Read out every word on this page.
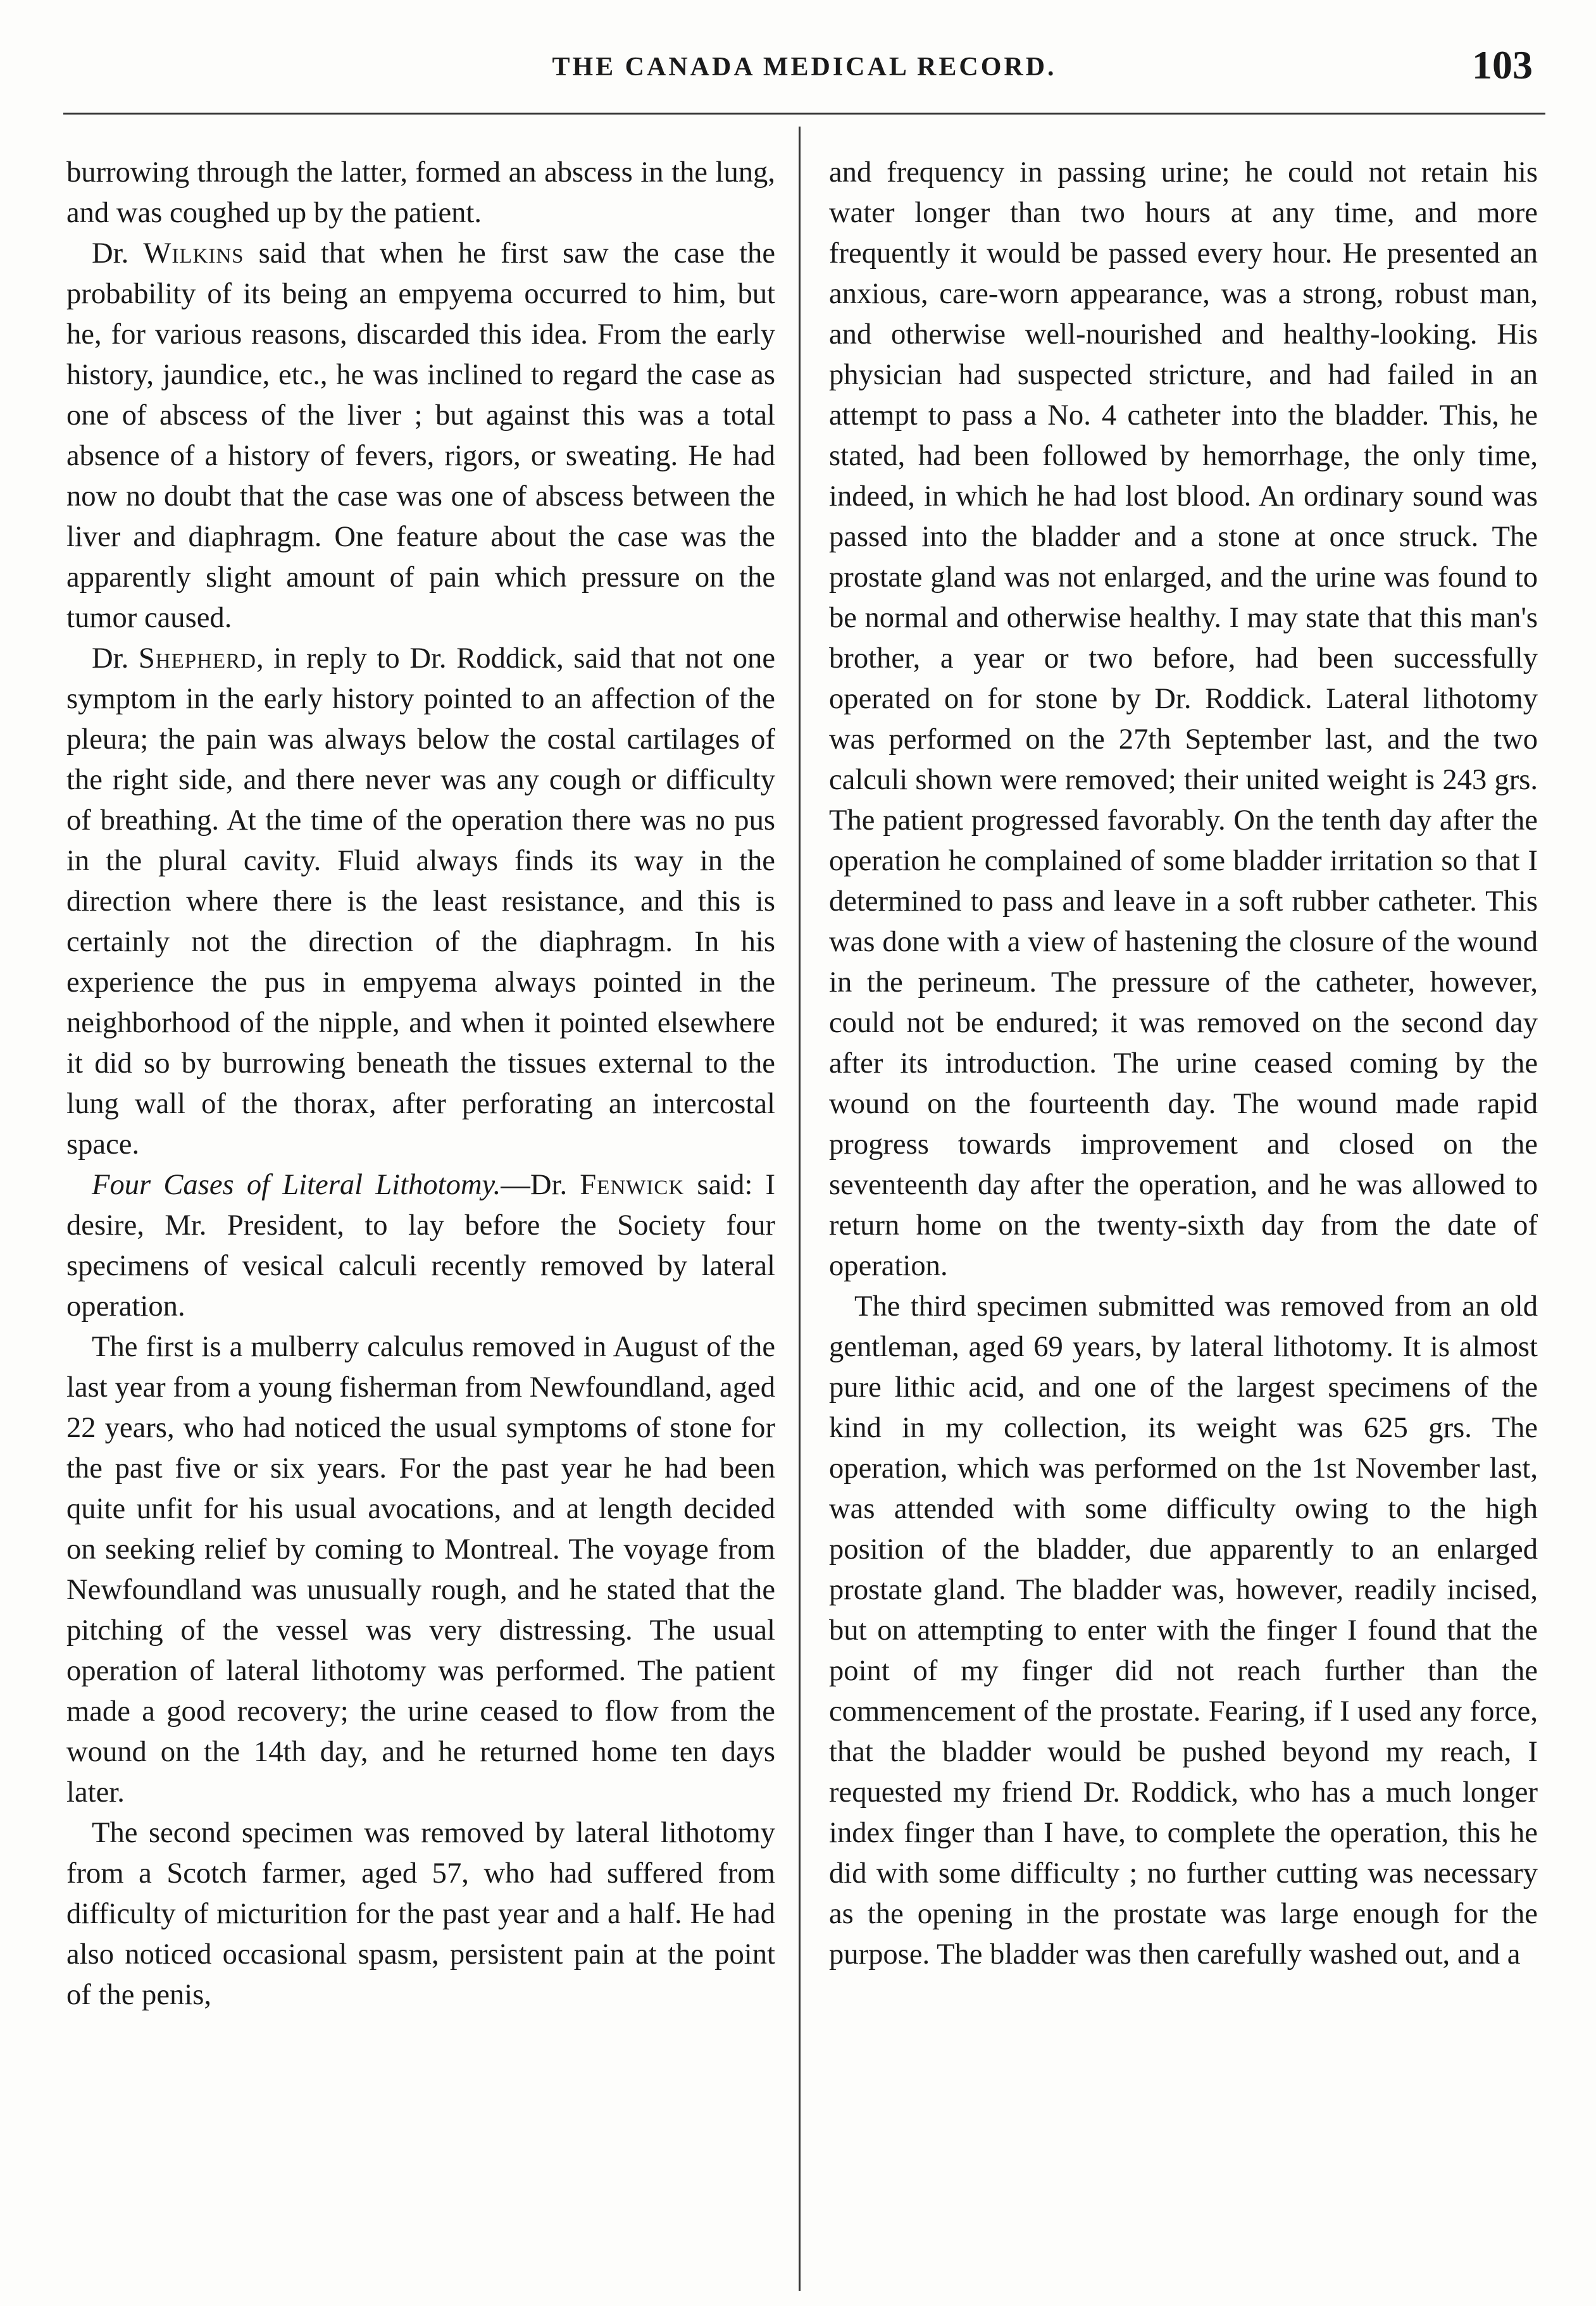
THE CANADA MEDICAL RECORD.	103

burrowing through the latter, formed an abscess in the lung, and was coughed up by the patient.

Dr. Wilkins said that when he first saw the case the probability of its being an empyema occurred to him, but he, for various reasons, discarded this idea. From the early history, jaundice, etc., he was inclined to regard the case as one of abscess of the liver ; but against this was a total absence of a history of fevers, rigors, or sweating. He had now no doubt that the case was one of abscess between the liver and diaphragm. One feature about the case was the apparently slight amount of pain which pressure on the tumor caused.

Dr. Shepherd, in reply to Dr. Roddick, said that not one symptom in the early history pointed to an affection of the pleura; the pain was always below the costal cartilages of the right side, and there never was any cough or difficulty of breathing. At the time of the operation there was no pus in the plural cavity. Fluid always finds its way in the direction where there is the least resistance, and this is certainly not the direction of the diaphragm. In his experience the pus in empyema always pointed in the neighborhood of the nipple, and when it pointed elsewhere it did so by burrowing beneath the tissues external to the lung wall of the thorax, after perforating an intercostal space.

Four Cases of Literal Lithotomy.—Dr. Fenwick said: I desire, Mr. President, to lay before the Society four specimens of vesical calculi recently removed by lateral operation.

The first is a mulberry calculus removed in August of the last year from a young fisherman from Newfoundland, aged 22 years, who had noticed the usual symptoms of stone for the past five or six years. For the past year he had been quite unfit for his usual avocations, and at length decided on seeking relief by coming to Montreal. The voyage from Newfoundland was unusually rough, and he stated that the pitching of the vessel was very distressing. The usual operation of lateral lithotomy was performed. The patient made a good recovery; the urine ceased to flow from the wound on the 14th day, and he returned home ten days later.

The second specimen was removed by lateral lithotomy from a Scotch farmer, aged 57, who had suffered from difficulty of micturition for the past year and a half. He had also noticed occasional spasm, persistent pain at the point of the penis,

and frequency in passing urine; he could not retain his water longer than two hours at any time, and more frequently it would be passed every hour. He presented an anxious, care-worn appearance, was a strong, robust man, and otherwise well-nourished and healthy-looking. His physician had suspected stricture, and had failed in an attempt to pass a No. 4 catheter into the bladder. This, he stated, had been followed by hemorrhage, the only time, indeed, in which he had lost blood. An ordinary sound was passed into the bladder and a stone at once struck. The prostate gland was not enlarged, and the urine was found to be normal and otherwise healthy. I may state that this man's brother, a year or two before, had been successfully operated on for stone by Dr. Roddick. Lateral lithotomy was performed on the 27th September last, and the two calculi shown were removed; their united weight is 243 grs. The patient progressed favorably. On the tenth day after the operation he complained of some bladder irritation so that I determined to pass and leave in a soft rubber catheter. This was done with a view of hastening the closure of the wound in the perineum. The pressure of the catheter, however, could not be endured; it was removed on the second day after its introduction. The urine ceased coming by the wound on the fourteenth day. The wound made rapid progress towards improvement and closed on the seventeenth day after the operation, and he was allowed to return home on the twenty-sixth day from the date of operation.

The third specimen submitted was removed from an old gentleman, aged 69 years, by lateral lithotomy. It is almost pure lithic acid, and one of the largest specimens of the kind in my collection, its weight was 625 grs. The operation, which was performed on the 1st November last, was attended with some difficulty owing to the high position of the bladder, due apparently to an enlarged prostate gland. The bladder was, however, readily incised, but on attempting to enter with the finger I found that the point of my finger did not reach further than the commencement of the prostate. Fearing, if I used any force, that the bladder would be pushed beyond my reach, I requested my friend Dr. Roddick, who has a much longer index finger than I have, to complete the operation, this he did with some difficulty ; no further cutting was necessary as the opening in the prostate was large enough for the purpose. The bladder was then carefully washed out, and a
